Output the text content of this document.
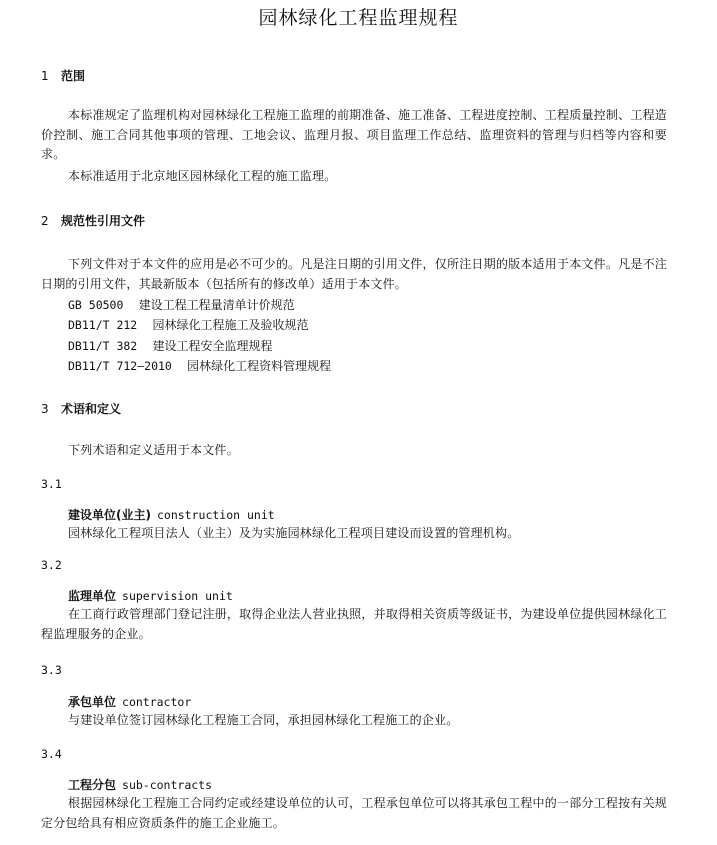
园林绿化工程监理规程
1 范围
本标准规定了监理机构对园林绿化工程施工监理的前期准备、施工准备、工程进度控制、工程质量控制、工程造价控制、施工合同其他事项的管理、工地会议、监理月报、项目监理工作总结、监理资料的管理与归档等内容和要求。
本标准适用于北京地区园林绿化工程的施工监理。
2 规范性引用文件
下列文件对于本文件的应用是必不可少的。凡是注日期的引用文件，仅所注日期的版本适用于本文件。凡是不注日期的引用文件，其最新版本（包括所有的修改单）适用于本文件。
GB 50500 建设工程工程量清单计价规范
DB11/T 212 园林绿化工程施工及验收规范
DB11/T 382 建设工程安全监理规程
DB11/T 712—2010 园林绿化工程资料管理规程
3 术语和定义
下列术语和定义适用于本文件。
3.1
建设单位(业主) construction unit
园林绿化工程项目法人（业主）及为实施园林绿化工程项目建设而设置的管理机构。
3.2
监理单位 supervision unit
在工商行政管理部门登记注册，取得企业法人营业执照，并取得相关资质等级证书，为建设单位提供园林绿化工程监理服务的企业。
3.3
承包单位 contractor
与建设单位签订园林绿化工程施工合同，承担园林绿化工程施工的企业。
3.4
工程分包 sub-contracts
根据园林绿化工程施工合同约定或经建设单位的认可，工程承包单位可以将其承包工程中的一部分工程按有关规定分包给具有相应资质条件的施工企业施工。
